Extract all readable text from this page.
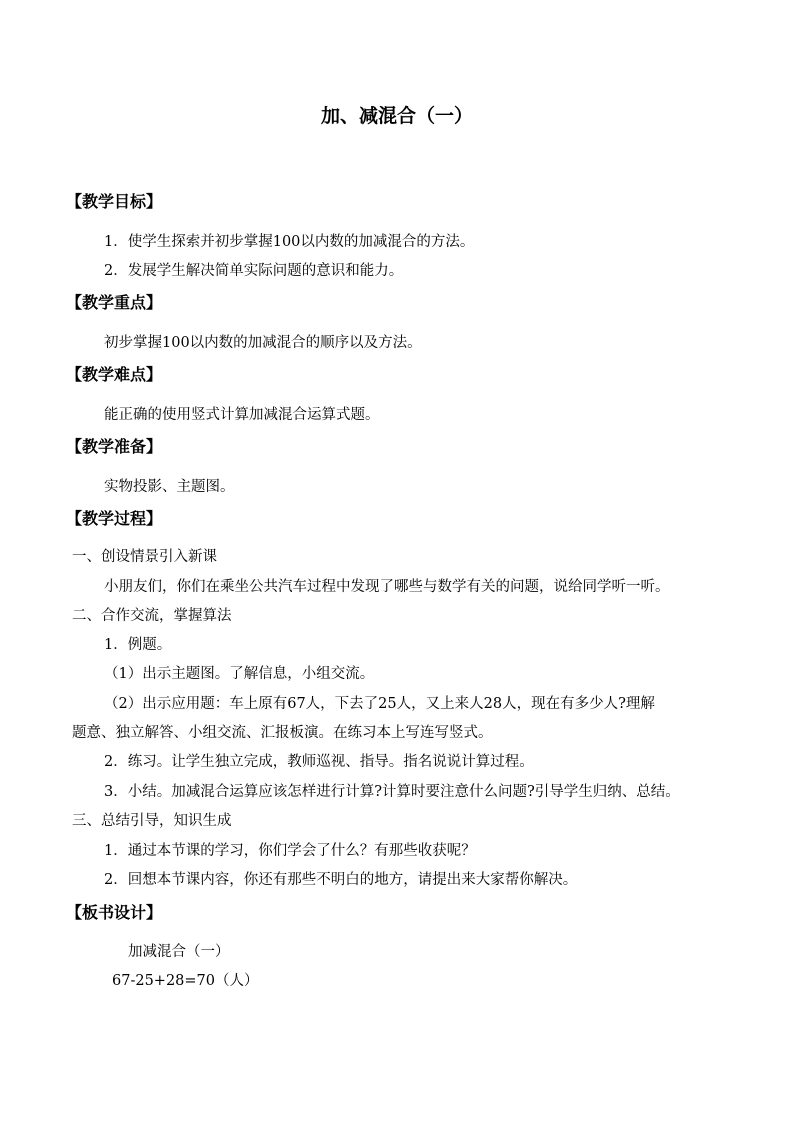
加、减混合（一）
【教学目标】
1．使学生探索并初步掌握100以内数的加减混合的方法。
2．发展学生解决简单实际问题的意识和能力。
【教学重点】
初步掌握100以内数的加减混合的顺序以及方法。
【教学难点】
能正确的使用竖式计算加减混合运算式题。
【教学准备】
实物投影、主题图。
【教学过程】
一、创设情景引入新课
小朋友们，你们在乘坐公共汽车过程中发现了哪些与数学有关的问题，说给同学听一听。
二、合作交流，掌握算法
1．例题。
（1）出示主题图。了解信息，小组交流。
（2）出示应用题：车上原有67人，下去了25人，又上来人28人，现在有多少人?理解
题意、独立解答、小组交流、汇报板演。在练习本上写连写竖式。
2．练习。让学生独立完成，教师巡视、指导。指名说说计算过程。
3．小结。加减混合运算应该怎样进行计算?计算时要注意什么问题?引导学生归纳、总结。
三、总结引导，知识生成
1．通过本节课的学习，你们学会了什么？有那些收获呢？
2．回想本节课内容，你还有那些不明白的地方，请提出来大家帮你解决。
【板书设计】
加减混合（一）
67-25+28=70（人）
